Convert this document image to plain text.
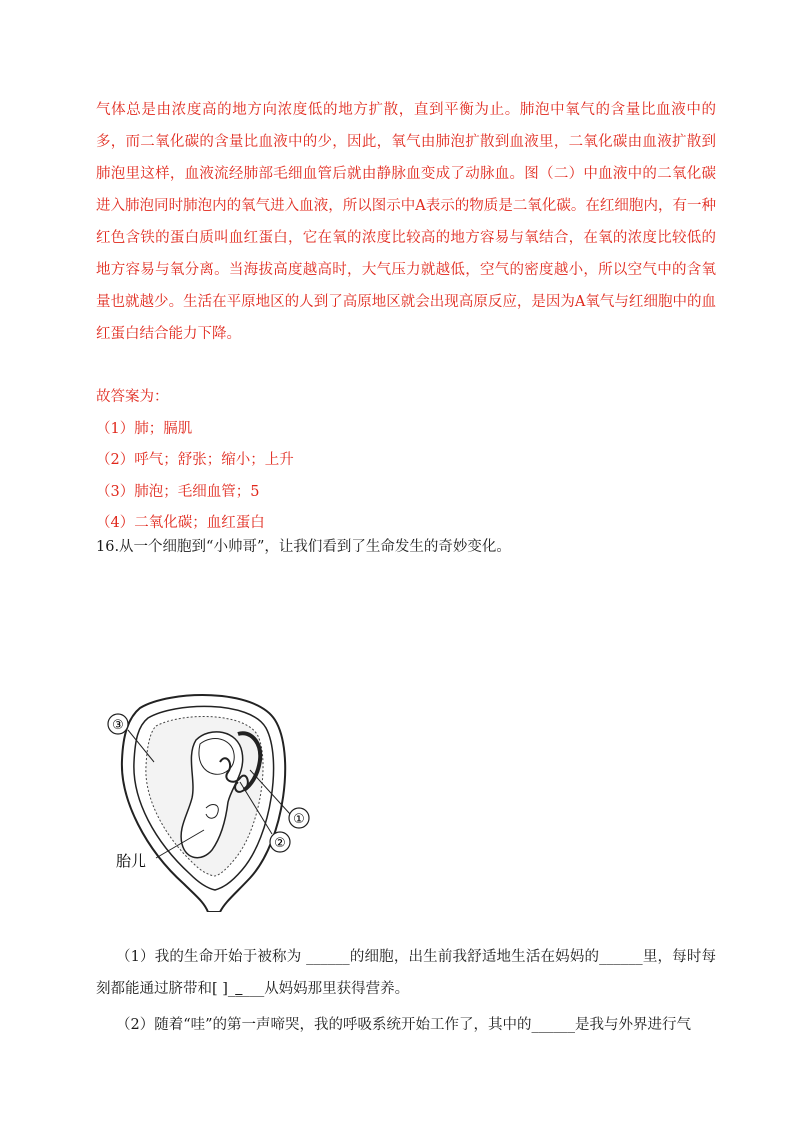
气体总是由浓度高的地方向浓度低的地方扩散，直到平衡为止。肺泡中氧气的含量比血液中的多，而二氧化碳的含量比血液中的少，因此，氧气由肺泡扩散到血液里，二氧化碳由血液扩散到肺泡里这样，血液流经肺部毛细血管后就由静脉血变成了动脉血。图（二）中血液中的二氧化碳进入肺泡同时肺泡内的氧气进入血液，所以图示中A表示的物质是二氧化碳。在红细胞内，有一种红色含铁的蛋白质叫血红蛋白，它在氧的浓度比较高的地方容易与氧结合，在氧的浓度比较低的地方容易与氧分离。当海拔高度越高时，大气压力就越低，空气的密度越小，所以空气中的含氧量也就越少。生活在平原地区的人到了高原地区就会出现高原反应，是因为A氧气与红细胞中的血红蛋白结合能力下降。

故答案为：
（1）肺；膈肌
（2）呼气；舒张；缩小；上升
（3）肺泡；毛细血管；5
（4）二氧化碳；血红蛋白
16.从一个细胞到“小帅哥”，让我们看到了生命发生的奇妙变化。
③
①
②
胎儿
（1）我的生命开始于被称为 ______的细胞，出生前我舒适地生活在妈妈的______里，每时每刻都能通过脐带和[ ]_____从妈妈那里获得营养。
（2）随着“哇”的第一声啼哭，我的呼吸系统开始工作了，其中的______是我与外界进行气
